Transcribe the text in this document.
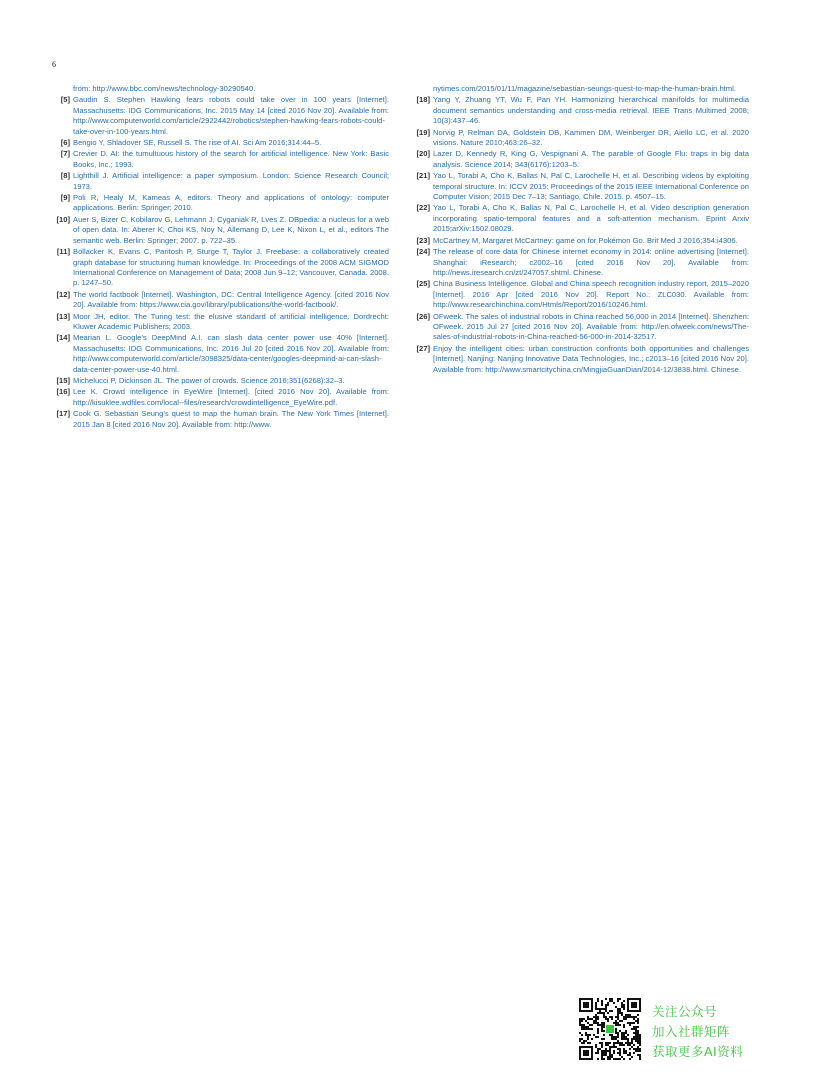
6
from: http://www.bbc.com/news/technology-30290540.
[5] Gaudin S. Stephen Hawking fears robots could take over in 100 years [Internet]. Massachusetts: IDG Communications, Inc. 2015 May 14 [cited 2016 Nov 20]. Available from: http://www.computerworld.com/article/2922442/robotics/stephen-hawking-fears-robots-could-take-over-in-100-years.html.
[6] Bengio Y, Shladover SE, Russell S. The rise of AI. Sci Am 2016;314:44–5.
[7] Crevier D. AI: the tumultuous history of the search for artificial intelligence. New York: Basic Books, Inc.; 1993.
[8] Lighthill J. Artificial intelligence: a paper symposium. London: Science Research Council; 1973.
[9] Poli R, Healy M, Kameas A, editors. Theory and applications of ontology: computer applications. Berlin: Springer; 2010.
[10] Auer S, Bizer C, Kobilarov G, Lehmann J, Cyganiak R, Lves Z. DBpedia: a nucleus for a web of open data. In: Aberer K, Choi KS, Noy N, Allemang D, Lee K, Nixon L, et al., editors The semantic web. Berlin: Springer; 2007. p. 722–35.
[11] Bollacker K, Evans C, Paritosh P, Sturge T, Taylor J. Freebase: a collaboratively created graph database for structuring human knowledge. In: Proceedings of the 2008 ACM SIGMOD International Conference on Management of Data; 2008 Jun 9–12; Vancouver, Canada. 2008. p. 1247–50.
[12] The world factbook [Internet]. Washington, DC: Central Intelligence Agency. [cited 2016 Nov 20]. Available from: https://www.cia.gov/library/publications/the-world-factbook/.
[13] Moor JH, editor. The Turing test: the elusive standard of artificial intelligence. Dordrecht: Kluwer Academic Publishers; 2003.
[14] Mearian L. Google’s DeepMind A.I. can slash data center power use 40% [Internet]. Massachusetts: IDG Communications, Inc. 2016 Jul 20 [cited 2016 Nov 20]. Available from: http://www.computerworld.com/article/3098325/data-center/googles-deepmind-ai-can-slash-data-center-power-use-40.html.
[15] Michelucci P, Dickinson JL. The power of crowds. Science 2016;351(6268):32–3.
[16] Lee K. Crowd intelligence in EyeWire [Internet]. [cited 2016 Nov 20]. Available from: http://kisuklee.wdfiles.com/local--files/research/crowdintelligence_EyeWire.pdf.
[17] Cook G. Sebastian Seung’s quest to map the human brain. The New York Times [Internet]. 2015 Jan 8 [cited 2016 Nov 20]. Available from: http://www.
nytimes.com/2015/01/11/magazine/sebastian-seungs-quest-to-map-the-human-brain.html.
[18] Yang Y, Zhuang YT, Wu F, Pan YH. Harmonizing hierarchical manifolds for multimedia document semantics understanding and cross-media retrieval. IEEE Trans Multimed 2008; 10(3):437–46.
[19] Norvig P, Relman DA, Goldstein DB, Kammen DM, Weinberger DR, Aiello LC, et al. 2020 visions. Nature 2010;463:26–32.
[20] Lazer D, Kennedy R, King G, Vespignani A. The parable of Google Flu: traps in big data analysis. Science 2014; 343(6176):1203–5.
[21] Yao L, Torabi A, Cho K, Ballas N, Pal C, Larochelle H, et al. Describing videos by exploiting temporal structure. In: ICCV 2015: Proceedings of the 2015 IEEE International Conference on Computer Vision; 2015 Dec 7–13; Santiago, Chile. 2015. p. 4507–15.
[22] Yao L, Torabi A, Cho K, Ballas N, Pal C, Larochelle H, et al. Video description generation incorporating spatio-temporal features and a soft-attention mechanism. Eprint Arxiv 2015;arXiv:1502.08029.
[23] McCartney M, Margaret McCartney: game on for Pokémon Go. Brit Med J 2016;354:i4306.
[24] The release of core data for Chinese internet economy in 2014: online advertising [Internet]. Shanghai: iResearch; c2002–16 [cited 2016 Nov 20]. Available from: http://news.iresearch.cn/zt/247057.shtml. Chinese.
[25] China Business Intelligence. Global and China speech recognition industry report, 2015–2020 [Internet]. 2016 Apr [cited 2016 Nov 20]. Report No.: ZLC030. Available from: http://www.researchinchina.com/Htmls/Report/2016/10246.html.
[26] OFweek. The sales of industrial robots in China reached 56,000 in 2014 [Internet]. Shenzhen: OFweek. 2015 Jul 27 [cited 2016 Nov 20]. Available from: http://en.ofweek.com/news/The-sales-of-industrial-robots-in-China-reached-56-000-in-2014-32517.
[27] Enjoy the intelligent cities: urban construction confronts both opportunities and challenges [Internet]. Nanjing: Nanjing Innovative Data Technologies, Inc.; c2013–16 [cited 2016 Nov 20]. Available from: http://www.smartcitychina.cn/MingjiaGuanDian/2014-12/3838.html. Chinese.
关注公众号
加入社群矩阵
获取更多AI资料
